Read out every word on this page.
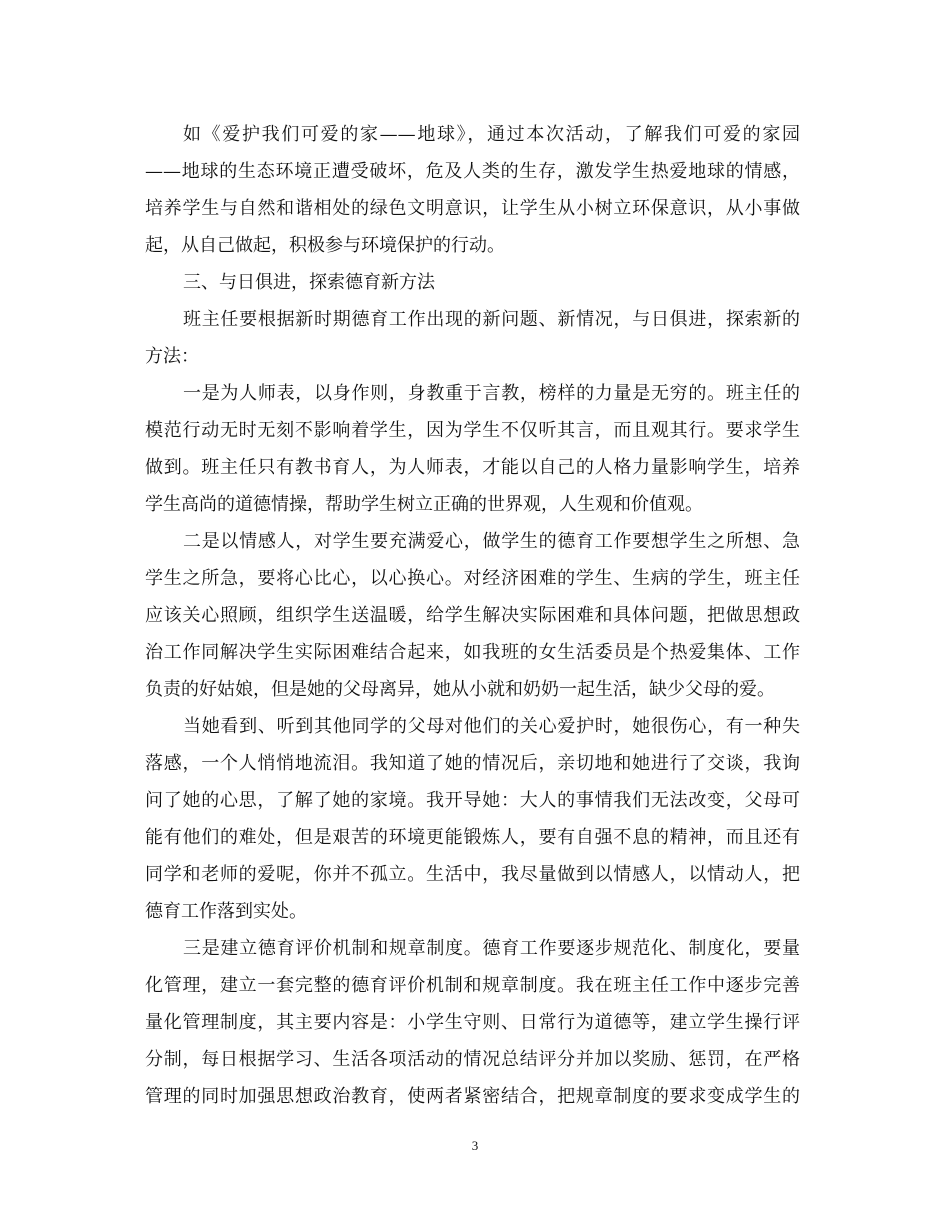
如《爱护我们可爱的家——地球》，通过本次活动，了解我们可爱的家园
——地球的生态环境正遭受破坏，危及人类的生存，激发学生热爱地球的情感，
培养学生与自然和谐相处的绿色文明意识，让学生从小树立环保意识，从小事做
起，从自己做起，积极参与环境保护的行动。
三、与日俱进，探索德育新方法
班主任要根据新时期德育工作出现的新问题、新情况，与日俱进，探索新的
方法：
一是为人师表，以身作则，身教重于言教，榜样的力量是无穷的。班主任的
模范行动无时无刻不影响着学生，因为学生不仅听其言，而且观其行。要求学生
做到。班主任只有教书育人，为人师表，才能以自己的人格力量影响学生，培养
学生高尚的道德情操，帮助学生树立正确的世界观，人生观和价值观。
二是以情感人，对学生要充满爱心，做学生的德育工作要想学生之所想、急
学生之所急，要将心比心，以心换心。对经济困难的学生、生病的学生，班主任
应该关心照顾，组织学生送温暖，给学生解决实际困难和具体问题，把做思想政
治工作同解决学生实际困难结合起来，如我班的女生活委员是个热爱集体、工作
负责的好姑娘，但是她的父母离异，她从小就和奶奶一起生活，缺少父母的爱。
当她看到、听到其他同学的父母对他们的关心爱护时，她很伤心，有一种失
落感，一个人悄悄地流泪。我知道了她的情况后，亲切地和她进行了交谈，我询
问了她的心思，了解了她的家境。我开导她：大人的事情我们无法改变，父母可
能有他们的难处，但是艰苦的环境更能锻炼人，要有自强不息的精神，而且还有
同学和老师的爱呢，你并不孤立。生活中，我尽量做到以情感人，以情动人，把
德育工作落到实处。
三是建立德育评价机制和规章制度。德育工作要逐步规范化、制度化，要量
化管理，建立一套完整的德育评价机制和规章制度。我在班主任工作中逐步完善
量化管理制度，其主要内容是：小学生守则、日常行为道德等，建立学生操行评
分制，每日根据学习、生活各项活动的情况总结评分并加以奖励、惩罚，在严格
管理的同时加强思想政治教育，使两者紧密结合，把规章制度的要求变成学生的
3
